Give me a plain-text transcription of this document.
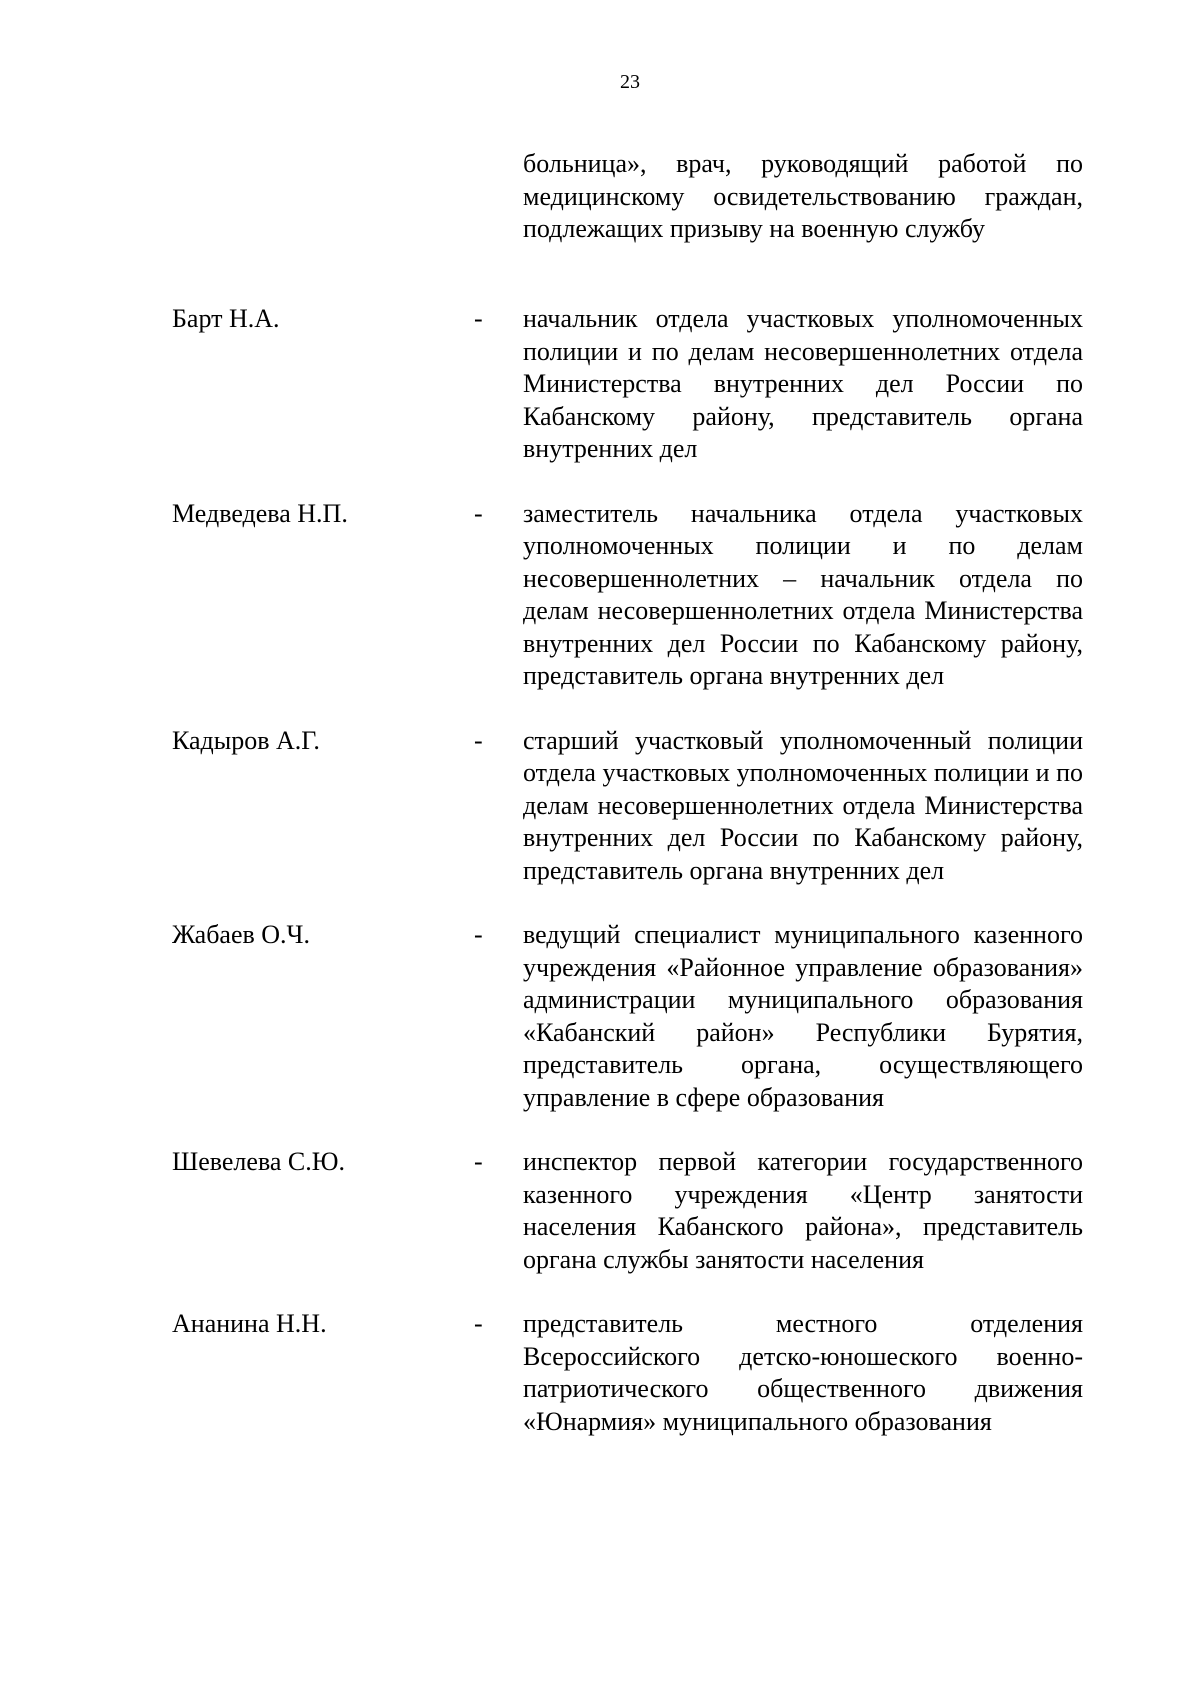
23
больница», врач, руководящий работой по медицинскому освидетельствованию граждан, подлежащих призыву на военную службу
Барт Н.А.	- начальник отдела участковых уполномоченных полиции и по делам несовершеннолетних отдела Министерства внутренних дел России по Кабанскому району, представитель органа внутренних дел
Медведева Н.П.	- заместитель начальника отдела участковых уполномоченных полиции и по делам несовершеннолетних – начальник отдела по делам несовершеннолетних отдела Министерства внутренних дел России по Кабанскому району, представитель органа внутренних дел
Кадыров А.Г.	- старший участковый уполномоченный полиции отдела участковых уполномоченных полиции и по делам несовершеннолетних отдела Министерства внутренних дел России по Кабанскому району, представитель органа внутренних дел
Жабаев О.Ч.	- ведущий специалист муниципального казенного учреждения «Районное управление образования» администрации муниципального образования «Кабанский район» Республики Бурятия, представитель органа, осуществляющего управление в сфере образования
Шевелева С.Ю.	- инспектор первой категории государственного казенного учреждения «Центр занятости населения Кабанского района», представитель органа службы занятости населения
Ананина Н.Н.	- представитель местного отделения Всероссийского детско-юношеского военно-патриотического общественного движения «Юнармия» муниципального образования
